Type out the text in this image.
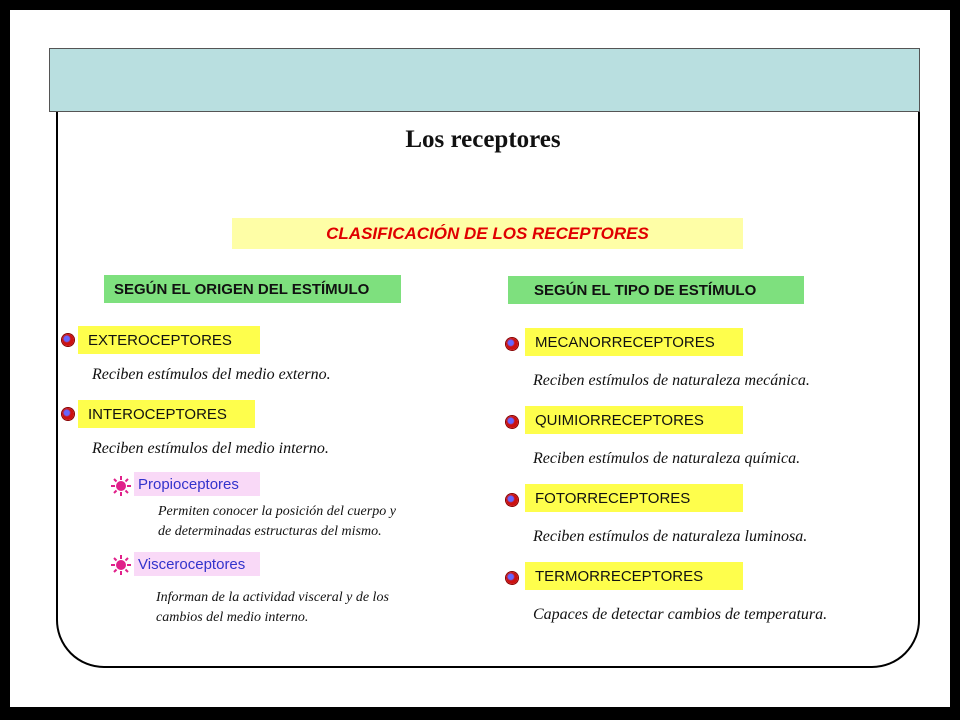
Los receptores
CLASIFICACIÓN DE LOS RECEPTORES
SEGÚN EL ORIGEN DEL ESTÍMULO
EXTEROCEPTORES
Reciben estímulos del medio externo.
INTEROCEPTORES
Reciben estímulos del medio interno.
Propioceptores
Permiten conocer la posición del cuerpo y
de determinadas estructuras del mismo.
Visceroceptores
Informan de la actividad visceral y de los
cambios del medio interno.
SEGÚN EL TIPO DE ESTÍMULO
MECANORRECEPTORES
Reciben estímulos de naturaleza mecánica.
QUIMIORRECEPTORES
Reciben estímulos de naturaleza química.
FOTORRECEPTORES
Reciben estímulos de naturaleza luminosa.
TERMORRECEPTORES
Capaces de detectar cambios de temperatura.
